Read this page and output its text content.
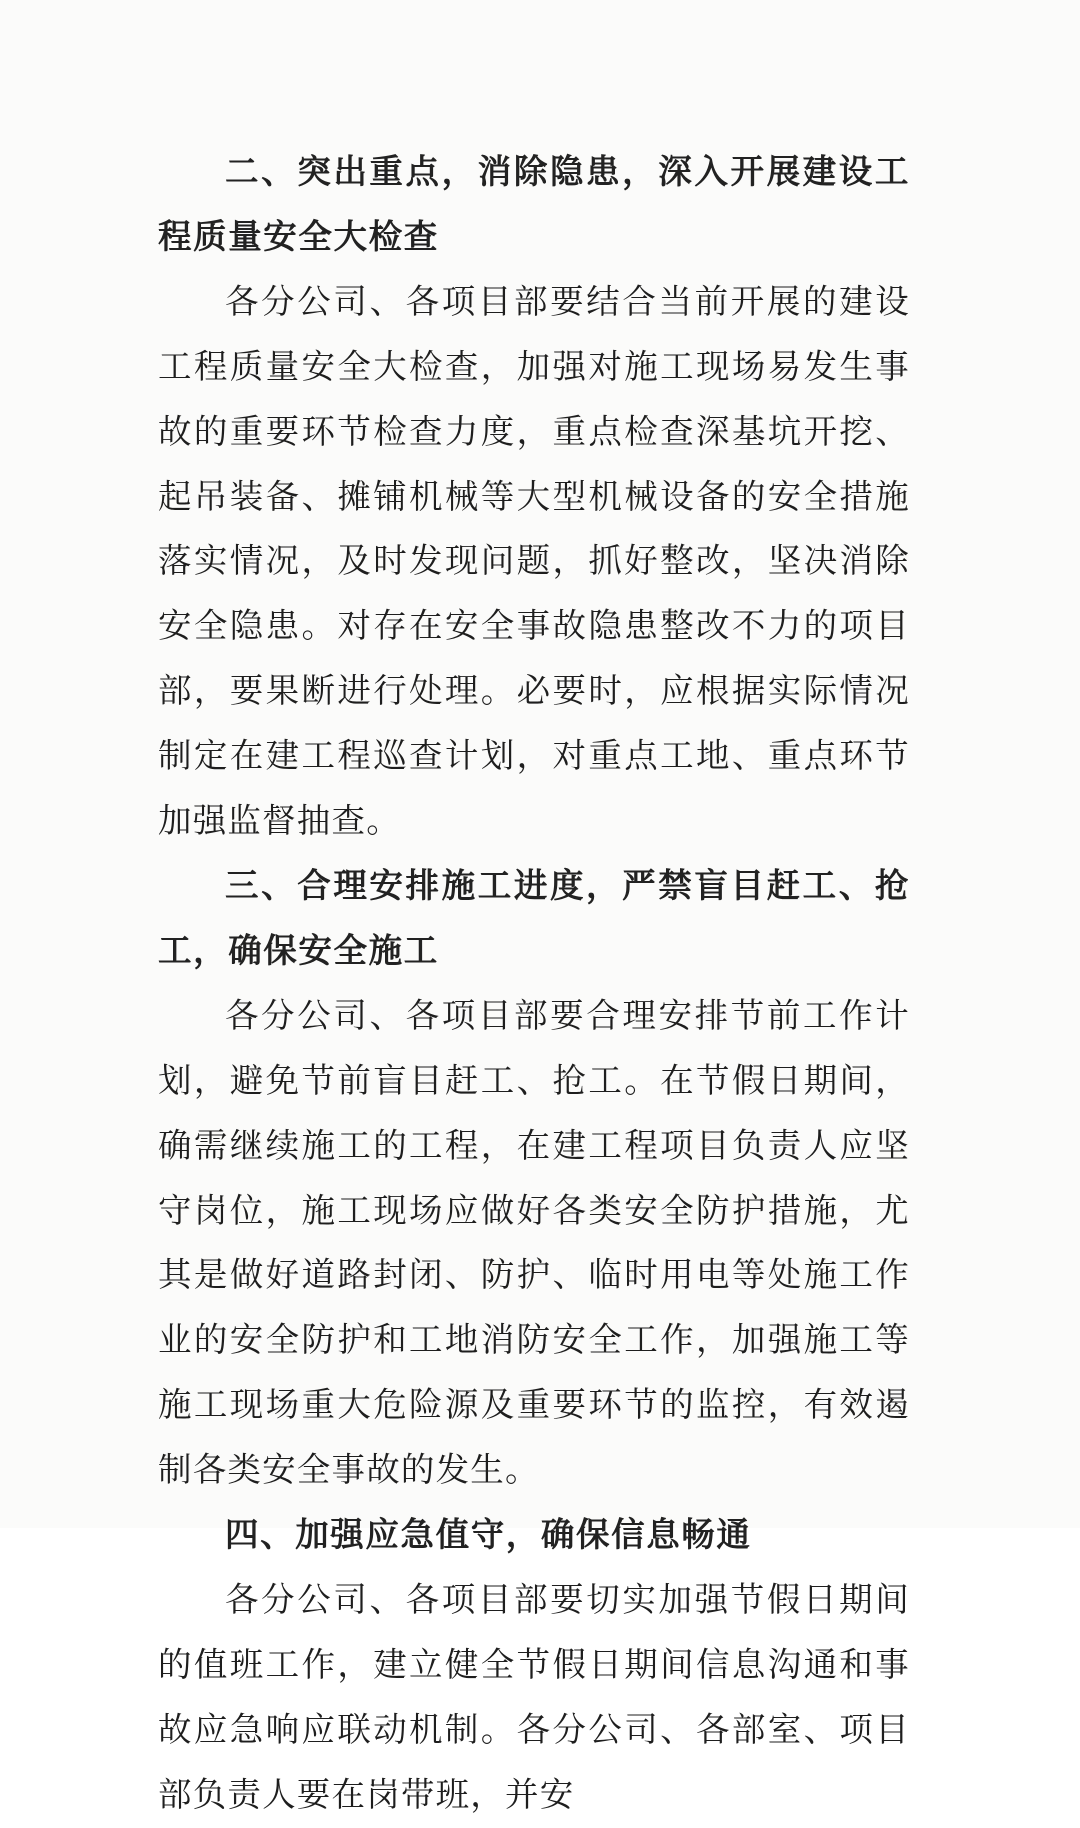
二、突出重点，消除隐患，深入开展建设工程质量安全大检查

各分公司、各项目部要结合当前开展的建设工程质量安全大检查，加强对施工现场易发生事故的重要环节检查力度，重点检查深基坑开挖、起吊装备、摊铺机械等大型机械设备的安全措施落实情况，及时发现问题，抓好整改，坚决消除安全隐患。对存在安全事故隐患整改不力的项目部，要果断进行处理。必要时，应根据实际情况制定在建工程巡查计划，对重点工地、重点环节加强监督抽查。

三、合理安排施工进度，严禁盲目赶工、抢工，确保安全施工

各分公司、各项目部要合理安排节前工作计划，避免节前盲目赶工、抢工。在节假日期间，确需继续施工的工程，在建工程项目负责人应坚守岗位，施工现场应做好各类安全防护措施，尤其是做好道路封闭、防护、临时用电等处施工作业的安全防护和工地消防安全工作，加强施工等施工现场重大危险源及重要环节的监控，有效遏制各类安全事故的发生。

四、加强应急值守，确保信息畅通

各分公司、各项目部要切实加强节假日期间的值班工作，建立健全节假日期间信息沟通和事故应急响应联动机制。各分公司、各部室、项目部负责人要在岗带班，并安
